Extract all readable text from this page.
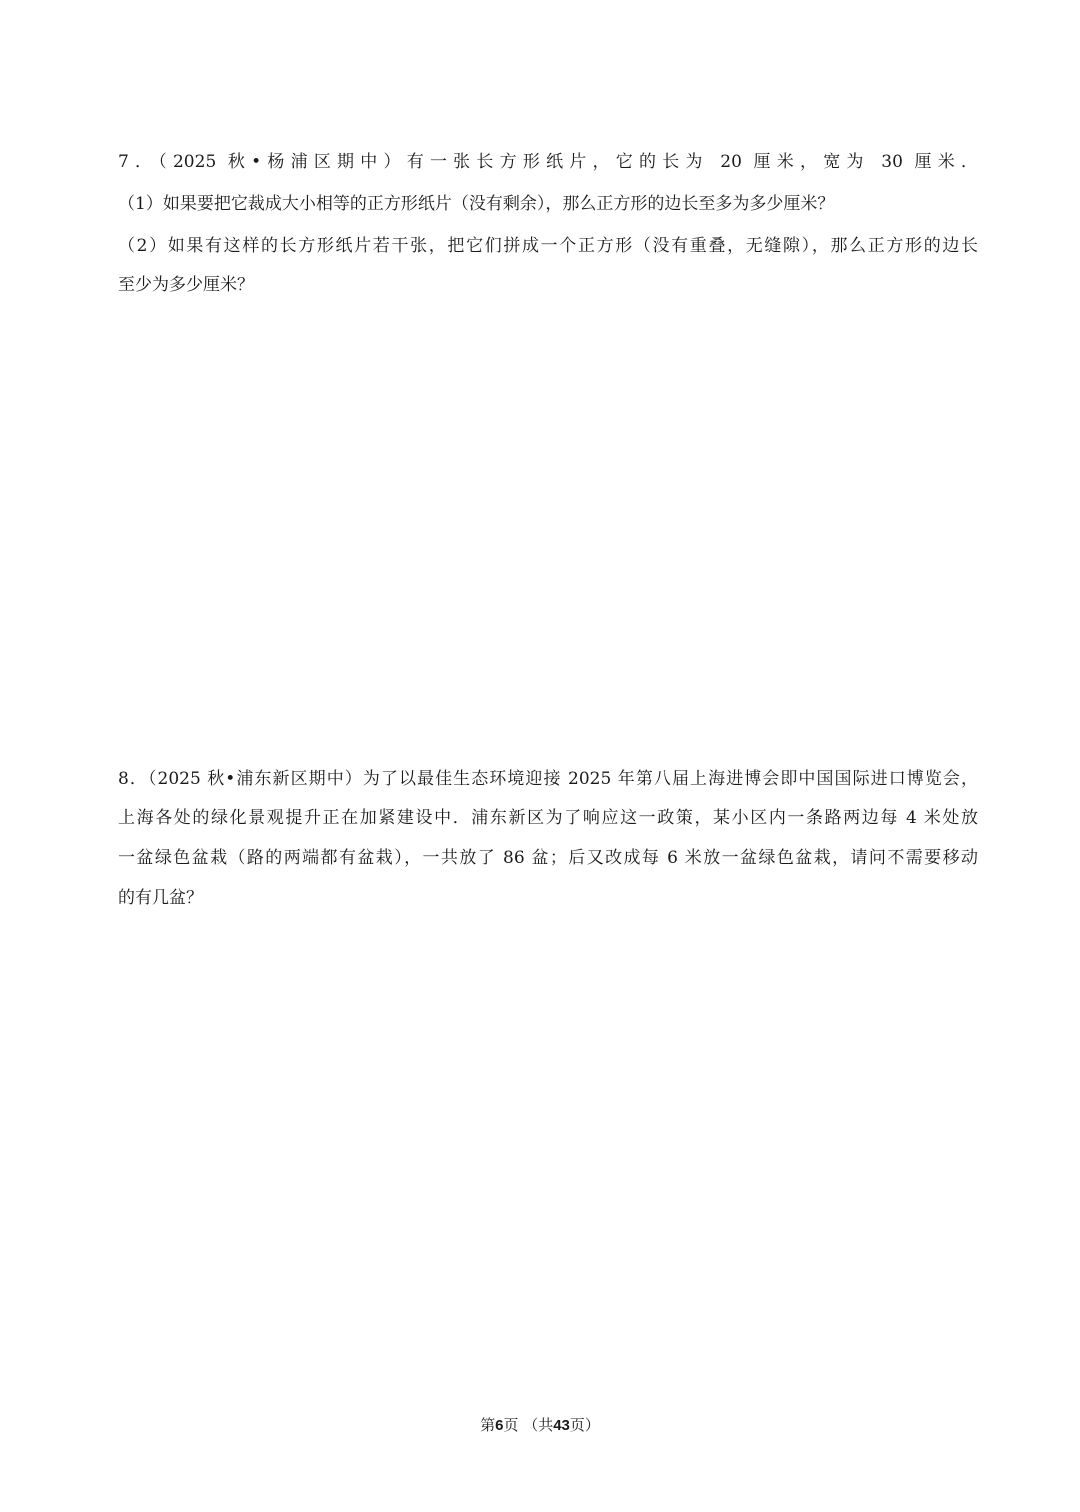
7．（2025 秋•杨浦区期中）有一张长方形纸片，它的长为 20 厘米，宽为 30 厘米．
（1）如果要把它裁成大小相等的正方形纸片（没有剩余），那么正方形的边长至多为多少厘米？
（2）如果有这样的长方形纸片若干张，把它们拼成一个正方形（没有重叠，无缝隙），那么正方形的边长
至少为多少厘米？
8．（2025 秋•浦东新区期中）为了以最佳生态环境迎接 2025 年第八届上海进博会即中国国际进口博览会，
上海各处的绿化景观提升正在加紧建设中．浦东新区为了响应这一政策，某小区内一条路两边每 4 米处放
一盆绿色盆栽（路的两端都有盆栽），一共放了 86 盆；后又改成每 6 米放一盆绿色盆栽，请问不需要移动
的有几盆？
第6页 （共43页）
